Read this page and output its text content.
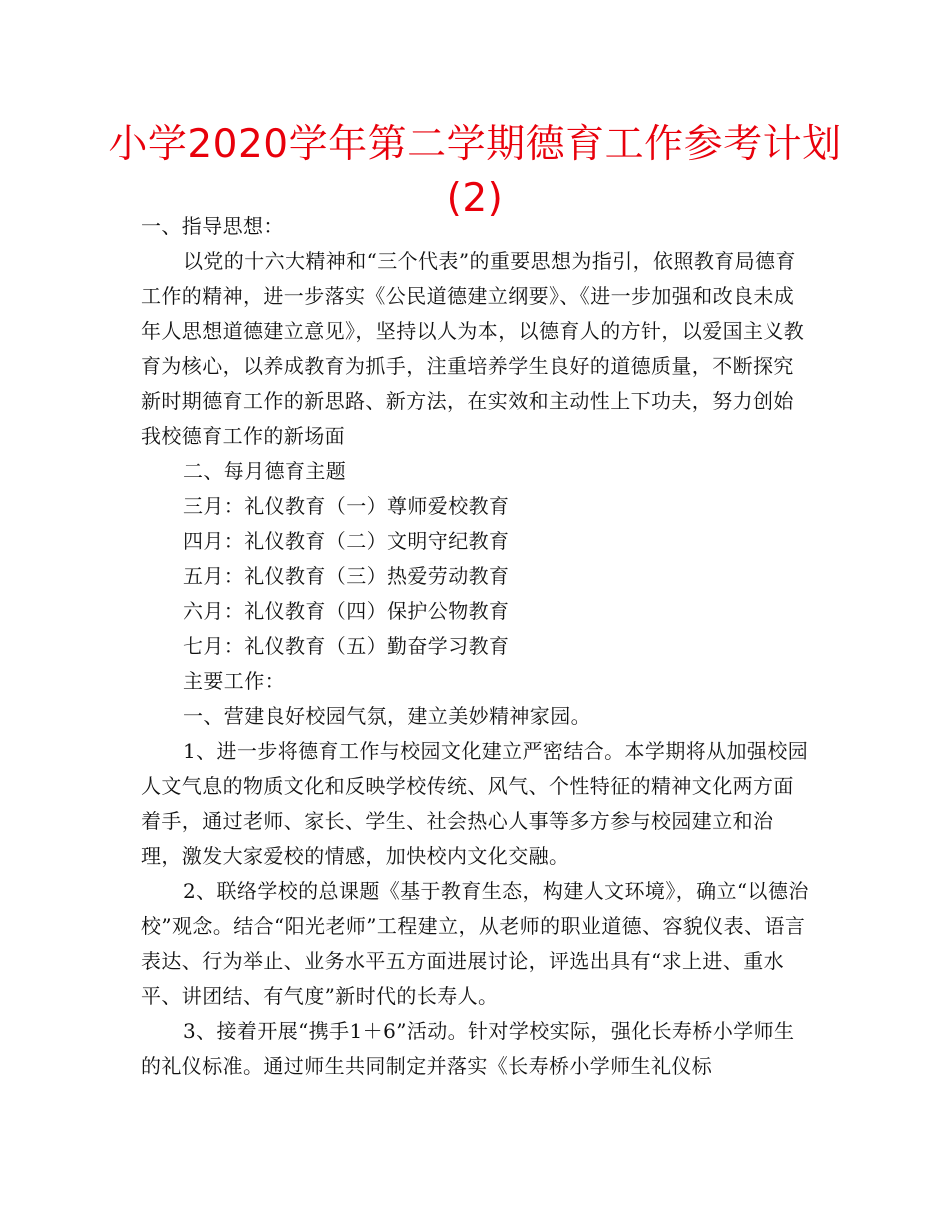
小学2020学年第二学期德育工作参考计划(2)

一、指导思想：

以党的十六大精神和“三个代表”的重要思想为指引，依照教育局德育工作的精神，进一步落实《公民道德建立纲要》、《进一步加强和改良未成年人思想道德建立意见》，坚持以人为本，以德育人的方针，以爱国主义教育为核心，以养成教育为抓手，注重培养学生良好的道德质量，不断探究新时期德育工作的新思路、新方法，在实效和主动性上下功夫，努力创始我校德育工作的新场面

二、每月德育主题

三月：礼仪教育（一）尊师爱校教育

四月：礼仪教育（二）文明守纪教育

五月：礼仪教育（三）热爱劳动教育

六月：礼仪教育（四）保护公物教育

七月：礼仪教育（五）勤奋学习教育

主要工作：

一、营建良好校园气氛，建立美妙精神家园。

1、进一步将德育工作与校园文化建立严密结合。本学期将从加强校园人文气息的物质文化和反映学校传统、风气、个性特征的精神文化两方面着手，通过老师、家长、学生、社会热心人事等多方参与校园建立和治理，激发大家爱校的情感，加快校内文化交融。

2、联络学校的总课题《基于教育生态，构建人文环境》，确立“以德治校”观念。结合“阳光老师”工程建立，从老师的职业道德、容貌仪表、语言表达、行为举止、业务水平五方面进展讨论，评选出具有“求上进、重水平、讲团结、有气度”新时代的长寿人。

3、接着开展“携手1＋6”活动。针对学校实际，强化长寿桥小学师生的礼仪标准。通过师生共同制定并落实《长寿桥小学师生礼仪标
